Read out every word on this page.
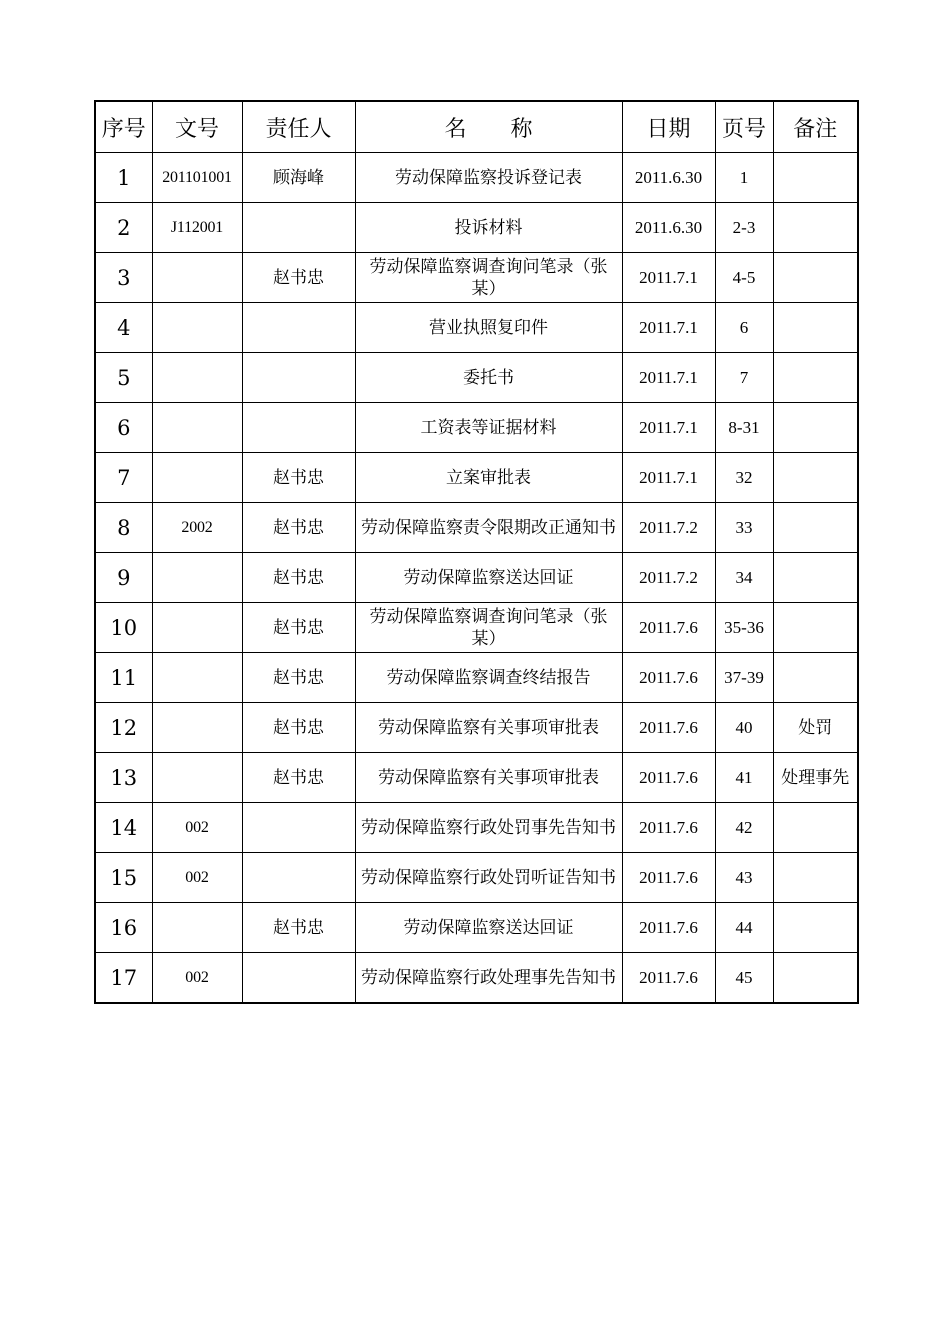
序号	文号	责任人	名　　称	日期	页号	备注
1	201101001	顾海峰	劳动保障监察投诉登记表	2011.6.30	1	
2	J112001		投诉材料	2011.6.30	2-3	
3		赵书忠	劳动保障监察调查询问笔录（张某）	2011.7.1	4-5	
4			营业执照复印件	2011.7.1	6	
5			委托书	2011.7.1	7	
6			工资表等证据材料	2011.7.1	8-31	
7		赵书忠	立案审批表	2011.7.1	32	
8	2002	赵书忠	劳动保障监察责令限期改正通知书	2011.7.2	33	
9		赵书忠	劳动保障监察送达回证	2011.7.2	34	
10		赵书忠	劳动保障监察调查询问笔录（张某）	2011.7.6	35-36	
11		赵书忠	劳动保障监察调查终结报告	2011.7.6	37-39	
12		赵书忠	劳动保障监察有关事项审批表	2011.7.6	40	处罚
13		赵书忠	劳动保障监察有关事项审批表	2011.7.6	41	处理事先
14	002		劳动保障监察行政处罚事先告知书	2011.7.6	42	
15	002		劳动保障监察行政处罚听证告知书	2011.7.6	43	
16		赵书忠	劳动保障监察送达回证	2011.7.6	44	
17	002		劳动保障监察行政处理事先告知书	2011.7.6	45	
